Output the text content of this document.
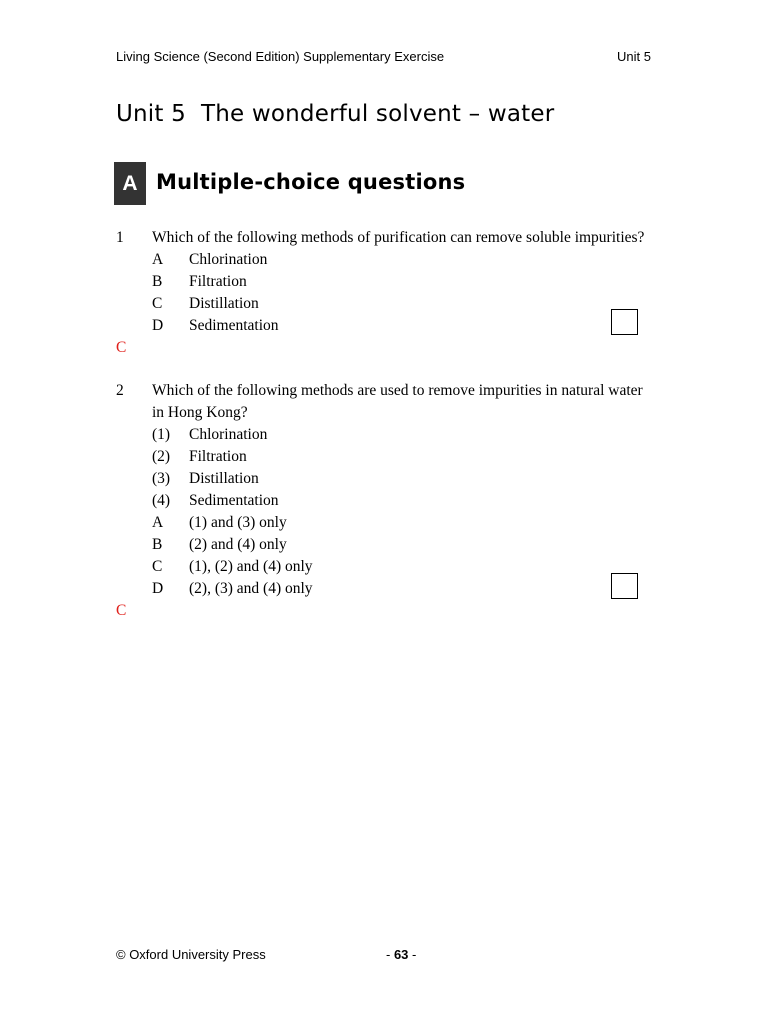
Living Science (Second Edition) Supplementary Exercise	Unit 5
Unit 5  The wonderful solvent – water
A Multiple-choice questions
1 Which of the following methods of purification can remove soluble impurities?
A Chlorination
B Filtration
C Distillation
D Sedimentation
C
2 Which of the following methods are used to remove impurities in natural water
in Hong Kong?
(1) Chlorination
(2) Filtration
(3) Distillation
(4) Sedimentation
A (1) and (3) only
B (2) and (4) only
C (1), (2) and (4) only
D (2), (3) and (4) only
C
© Oxford University Press	- 63 -
